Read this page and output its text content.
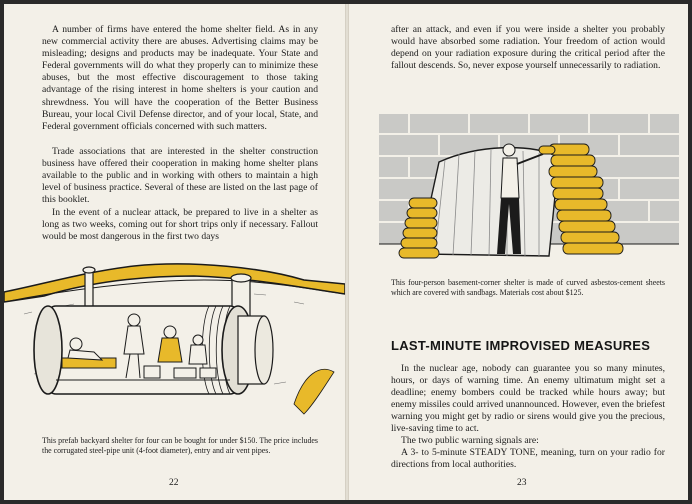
A number of firms have entered the home shelter field. As in any new commercial activity there are abuses. Advertising claims may be misleading; designs and products may be inadequate. Your State and Federal governments will do what they properly can to minimize these abuses, but the most effective discouragement to those taking advantage of the rising interest in home shelters is your caution and shrewdness. You will have the cooperation of the Better Business Bureau, your local Civil Defense director, and of your local, State, and Federal government officials concerned with such matters.

Trade associations that are interested in the shelter construction business have offered their cooperation in making home shelter plans available to the public and in working with others to maintain a high level of business practice. Several of these are listed on the last page of this booklet.

In the event of a nuclear attack, be prepared to live in a shelter as long as two weeks, coming out for short trips only if necessary. Fallout would be most dangerous in the first two days

This prefab backyard shelter for four can be bought for under $150. The price includes the corrugated steel-pipe unit (4-foot diameter), entry and air vent pipes.

22

after an attack, and even if you were inside a shelter you probably would have absorbed some radiation. Your freedom of action would depend on your radiation exposure during the critical period after the fallout descends. So, never expose yourself unnecessarily to radiation.

This four-person basement-corner shelter is made of curved asbestos-cement sheets which are covered with sandbags. Materials cost about $125.

LAST-MINUTE IMPROVISED MEASURES

In the nuclear age, nobody can guarantee you so many minutes, hours, or days of warning time. An enemy ultimatum might set a deadline; enemy bombers could be tracked while hours away; but enemy missiles could arrived unannounced. However, even the briefest warning you might get by radio or sirens would give you the precious, live-saving time to act.

The two public warning signals are:

A 3- to 5-minute STEADY TONE, meaning, turn on your radio for directions from local authorities.

23
